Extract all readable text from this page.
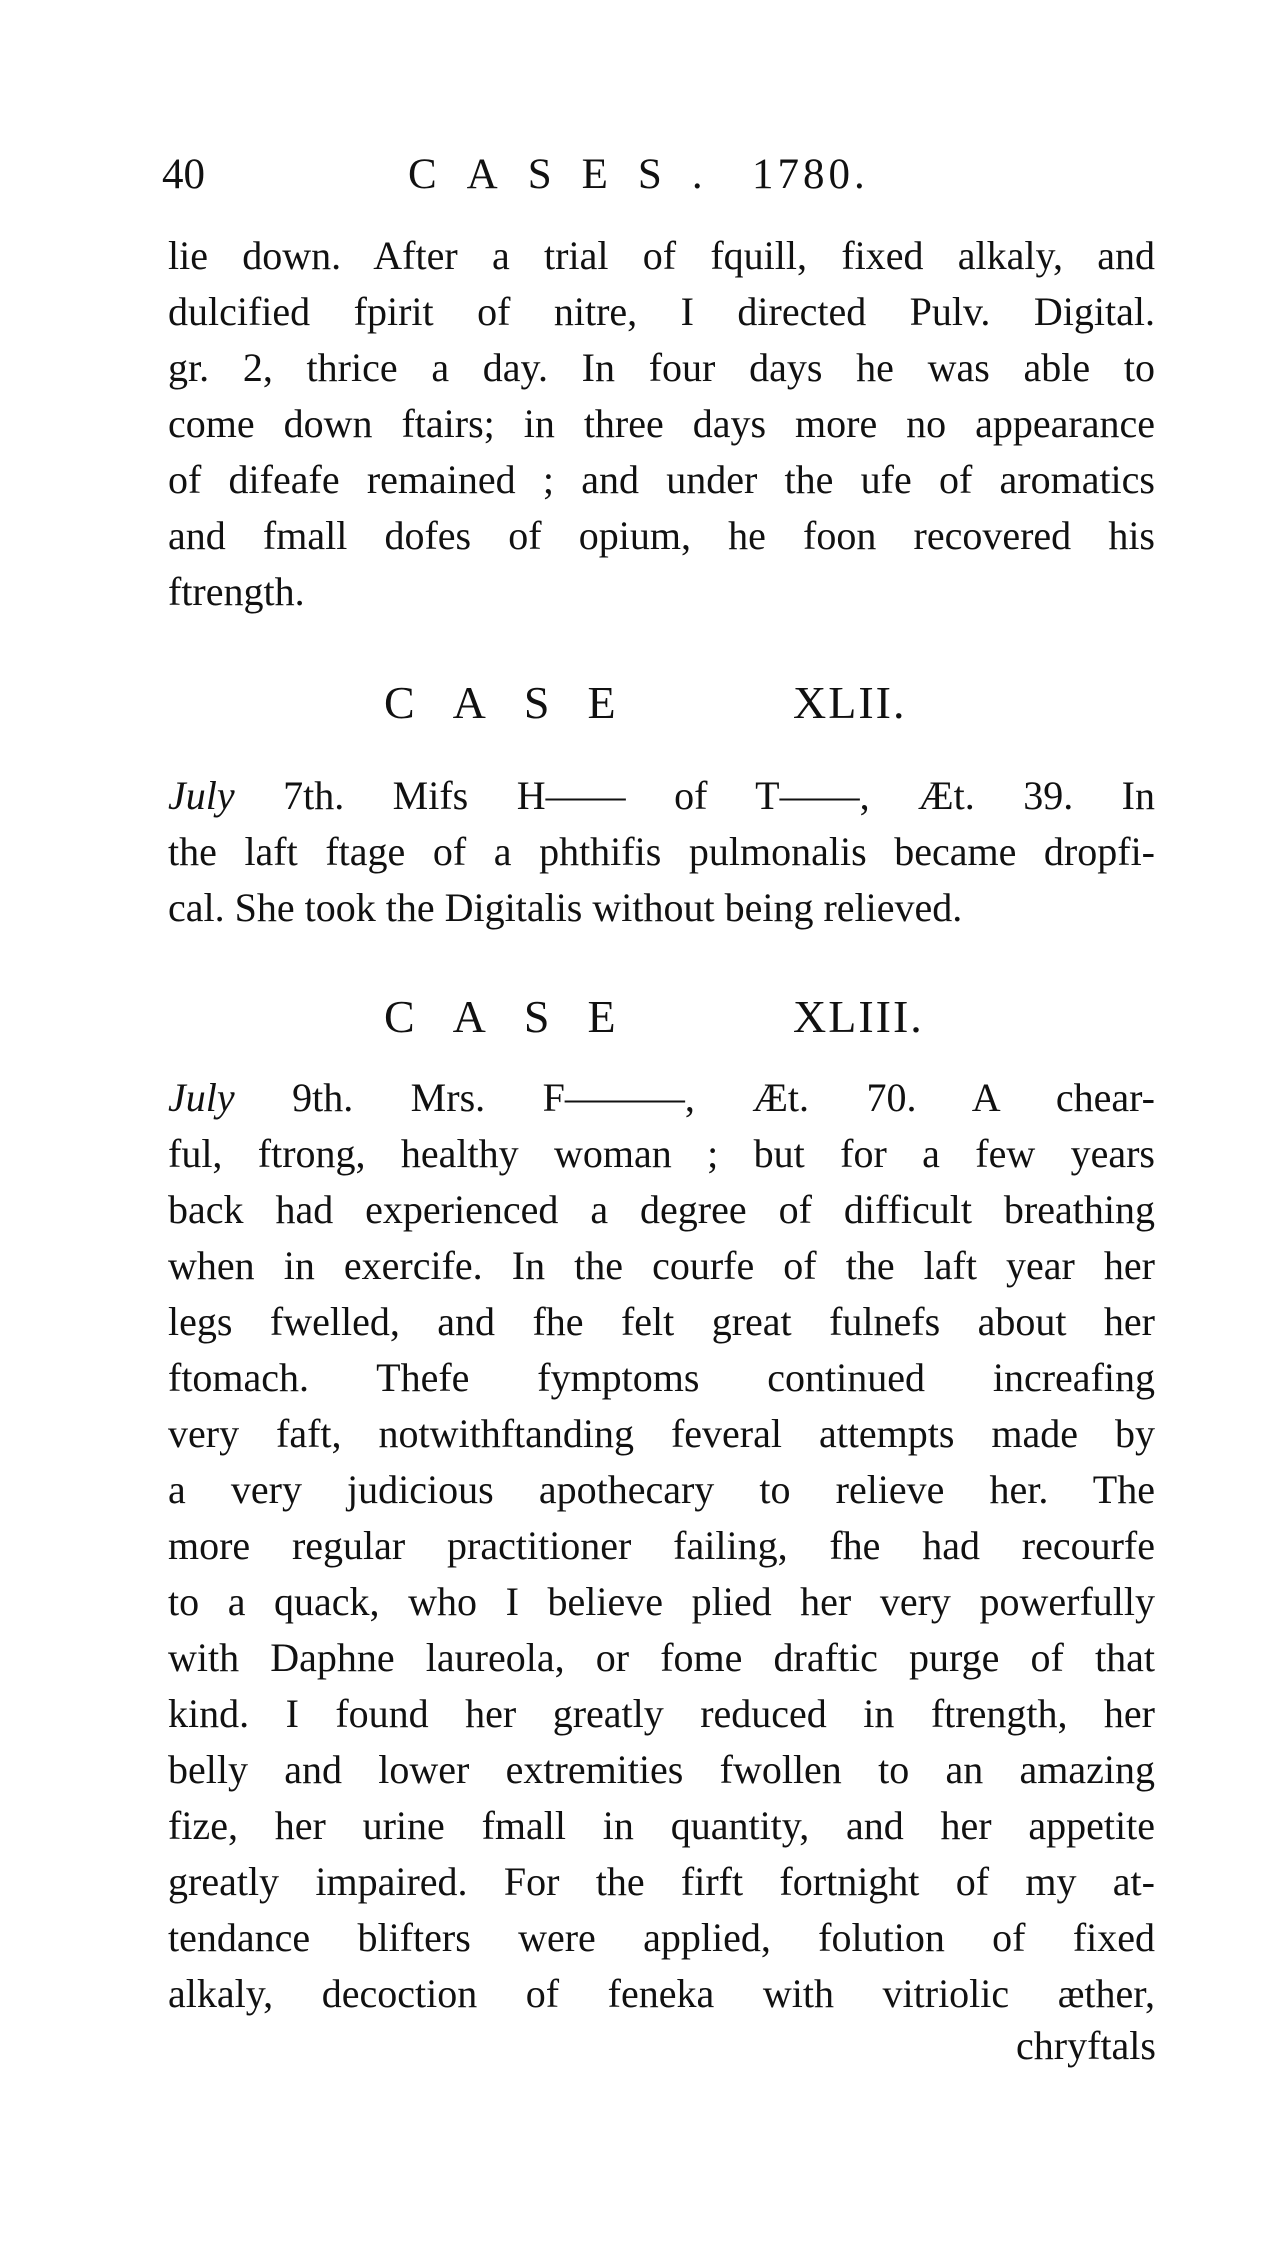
40	CASES. 1780.
lie down. After a trial of fquill, fixed alkaly, and
dulcified fpirit of nitre, I directed Pulv. Digital.
gr. 2, thrice a day. In four days he was able to
come down ftairs; in three days more no appearance
of difeafe remained ; and under the ufe of aromatics
and fmall dofes of opium, he foon recovered his
ftrength.
CASE	XLII.
July 7th. Mifs H—— of T——, Æt. 39. In
the laft ftage of a phthifis pulmonalis became dropfi-
cal. She took the Digitalis without being relieved.
CASE	XLIII.
July 9th. Mrs. F———, Æt. 70. A chear-
ful, ftrong, healthy woman ; but for a few years
back had experienced a degree of difficult breathing
when in exercife. In the courfe of the laft year her
legs fwelled, and fhe felt great fulnefs about her
ftomach. Thefe fymptoms continued increafing
very faft, notwithftanding feveral attempts made by
a very judicious apothecary to relieve her. The
more regular practitioner failing, fhe had recourfe
to a quack, who I believe plied her very powerfully
with Daphne laureola, or fome draftic purge of that
kind. I found her greatly reduced in ftrength, her
belly and lower extremities fwollen to an amazing
fize, her urine fmall in quantity, and her appetite
greatly impaired. For the firft fortnight of my at-
tendance blifters were applied, folution of fixed
alkaly, decoction of feneka with vitriolic æther,
chryftals
